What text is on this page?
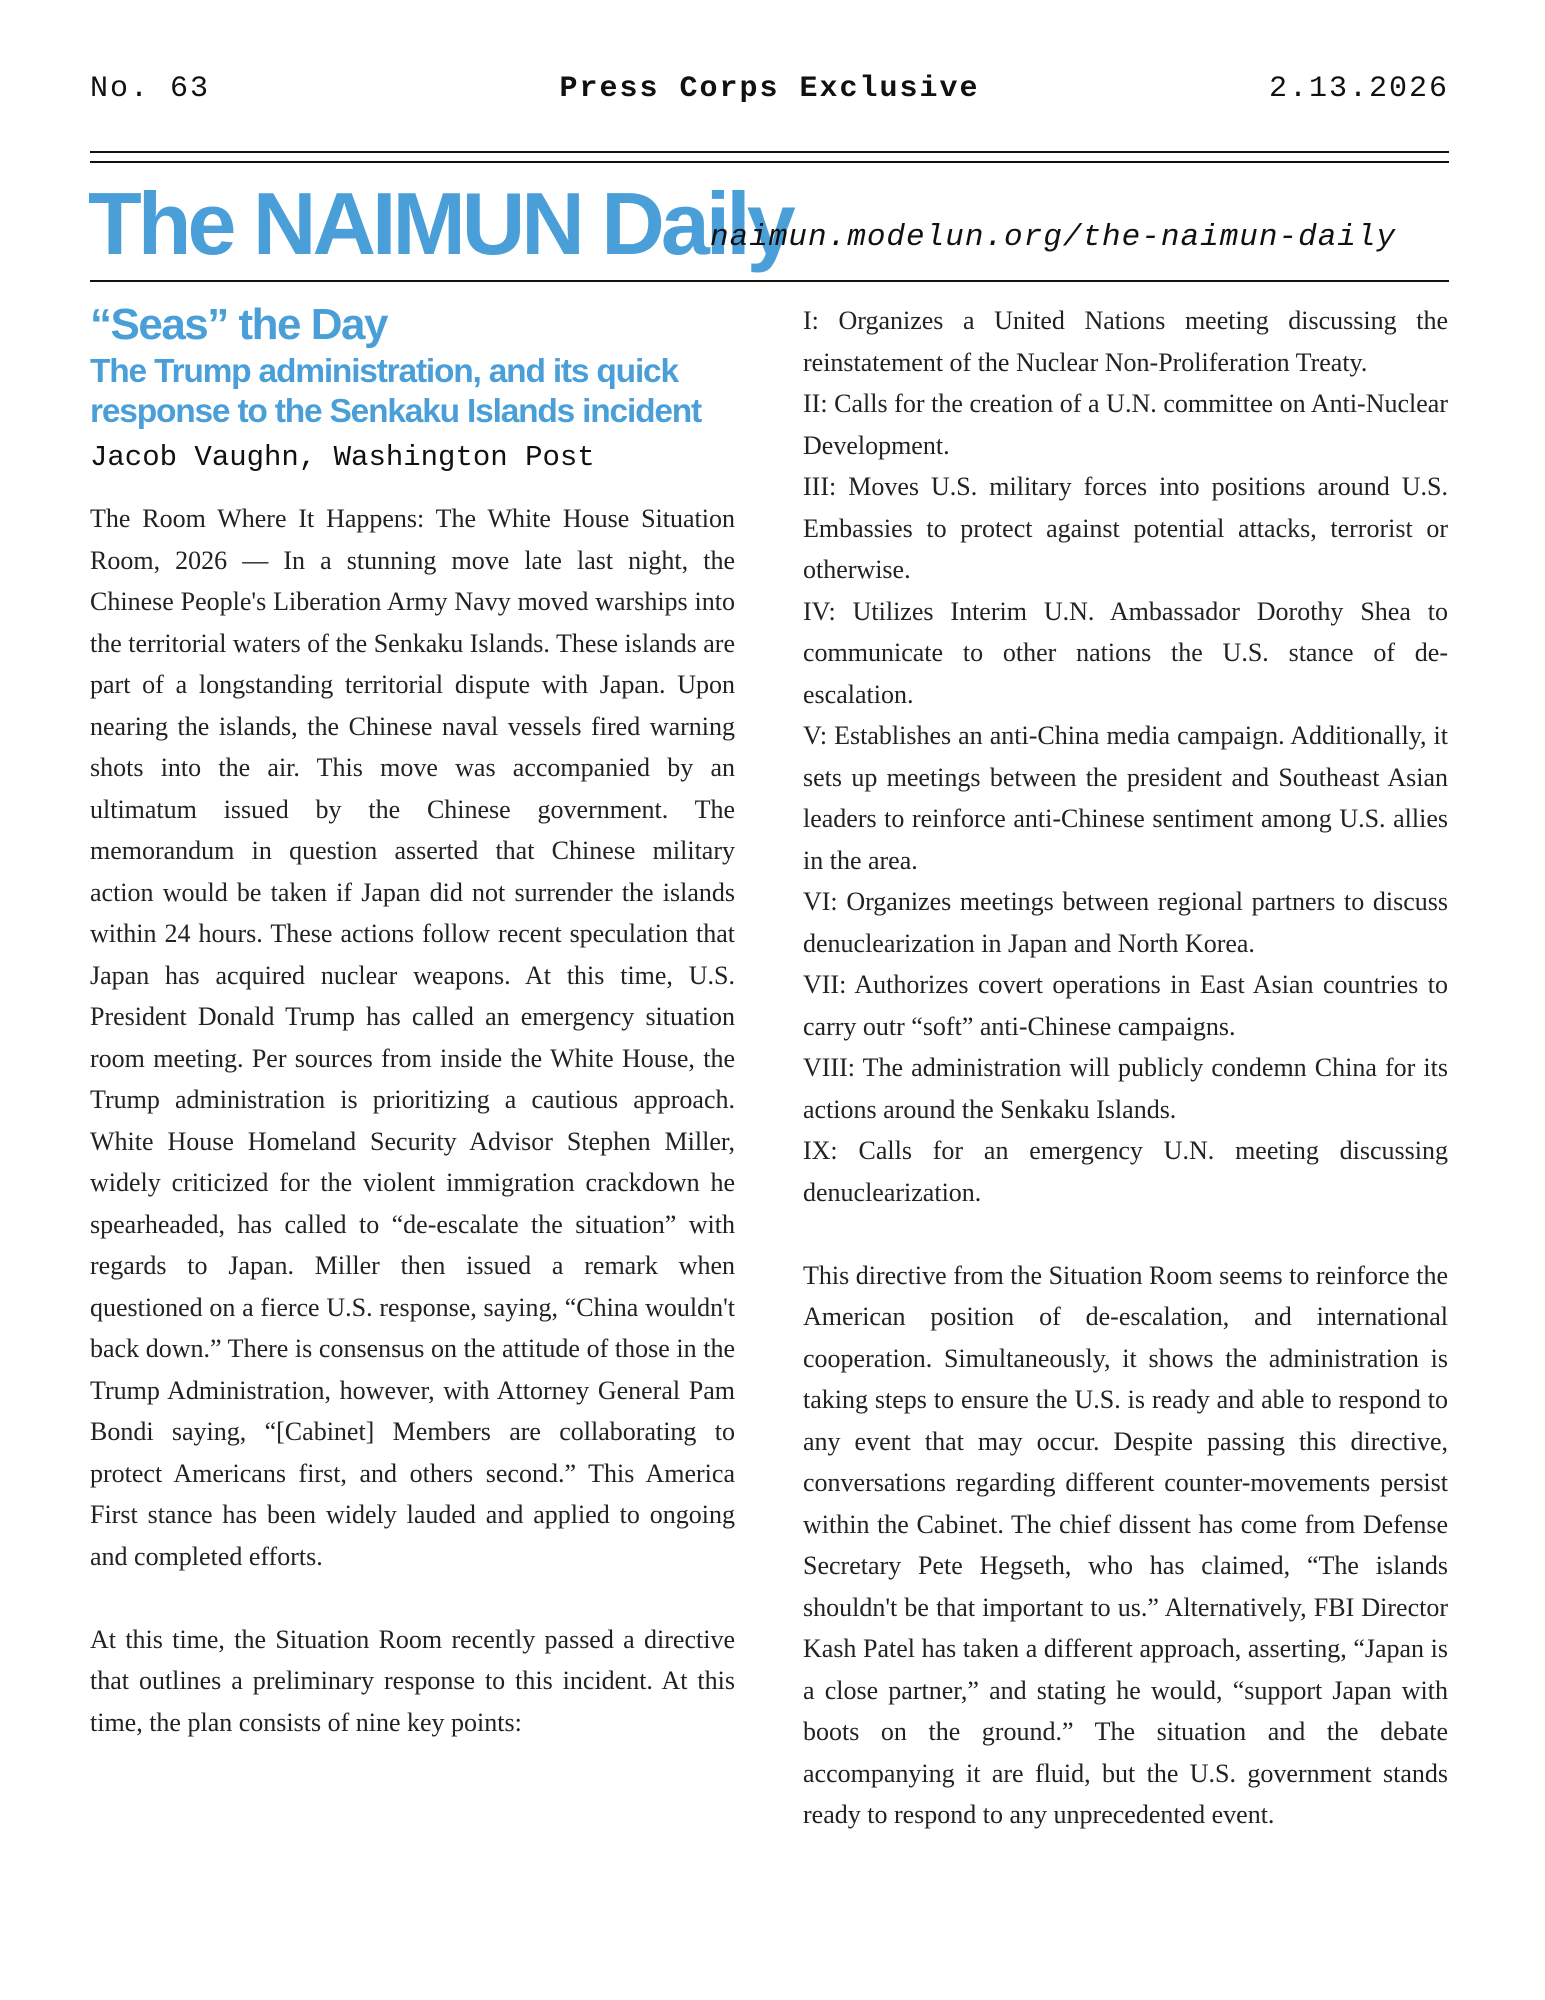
No. 63	Press Corps Exclusive	2.13.2026
The NAIMUN Daily
naimun.modelun.org/the-naimun-daily
“Seas” the Day
The Trump administration, and its quick response to the Senkaku Islands incident
Jacob Vaughn, Washington Post

The Room Where It Happens: The White House Situation Room, 2026 — In a stunning move late last night, the Chinese People's Liberation Army Navy moved warships into the territorial waters of the Senkaku Islands. These islands are part of a longstanding territorial dispute with Japan. Upon nearing the islands, the Chinese naval vessels fired warning shots into the air. This move was accompanied by an ultimatum issued by the Chinese government. The memorandum in question asserted that Chinese military action would be taken if Japan did not surrender the islands within 24 hours. These actions follow recent speculation that Japan has acquired nuclear weapons. At this time, U.S. President Donald Trump has called an emergency situation room meeting. Per sources from inside the White House, the Trump administration is prioritizing a cautious approach. White House Homeland Security Advisor Stephen Miller, widely criticized for the violent immigration crackdown he spearheaded, has called to “de-escalate the situation” with regards to Japan. Miller then issued a remark when questioned on a fierce U.S. response, saying, “China wouldn't back down.” There is consensus on the attitude of those in the Trump Administration, however, with Attorney General Pam Bondi saying, “[Cabinet] Members are collaborating to protect Americans first, and others second.” This America First stance has been widely lauded and applied to ongoing and completed efforts.

At this time, the Situation Room recently passed a directive that outlines a preliminary response to this incident. At this time, the plan consists of nine key points:

I: Organizes a United Nations meeting discussing the reinstatement of the Nuclear Non-Proliferation Treaty.

II: Calls for the creation of a U.N. committee on Anti-Nuclear Development.

III: Moves U.S. military forces into positions around U.S. Embassies to protect against potential attacks, terrorist or otherwise.

IV: Utilizes Interim U.N. Ambassador Dorothy Shea to communicate to other nations the U.S. stance of de-escalation.

V: Establishes an anti-China media campaign. Additionally, it sets up meetings between the president and Southeast Asian leaders to reinforce anti-Chinese sentiment among U.S. allies in the area.

VI: Organizes meetings between regional partners to discuss denuclearization in Japan and North Korea.

VII: Authorizes covert operations in East Asian countries to carry outr “soft” anti-Chinese campaigns.

VIII: The administration will publicly condemn China for its actions around the Senkaku Islands.

IX: Calls for an emergency U.N. meeting discussing denuclearization.

This directive from the Situation Room seems to reinforce the American position of de-escalation, and international cooperation. Simultaneously, it shows the administration is taking steps to ensure the U.S. is ready and able to respond to any event that may occur. Despite passing this directive, conversations regarding different counter-movements persist within the Cabinet. The chief dissent has come from Defense Secretary Pete Hegseth, who has claimed, “The islands shouldn't be that important to us.” Alternatively, FBI Director Kash Patel has taken a different approach, asserting, “Japan is a close partner,” and stating he would, “support Japan with boots on the ground.” The situation and the debate accompanying it are fluid, but the U.S. government stands ready to respond to any unprecedented event.
